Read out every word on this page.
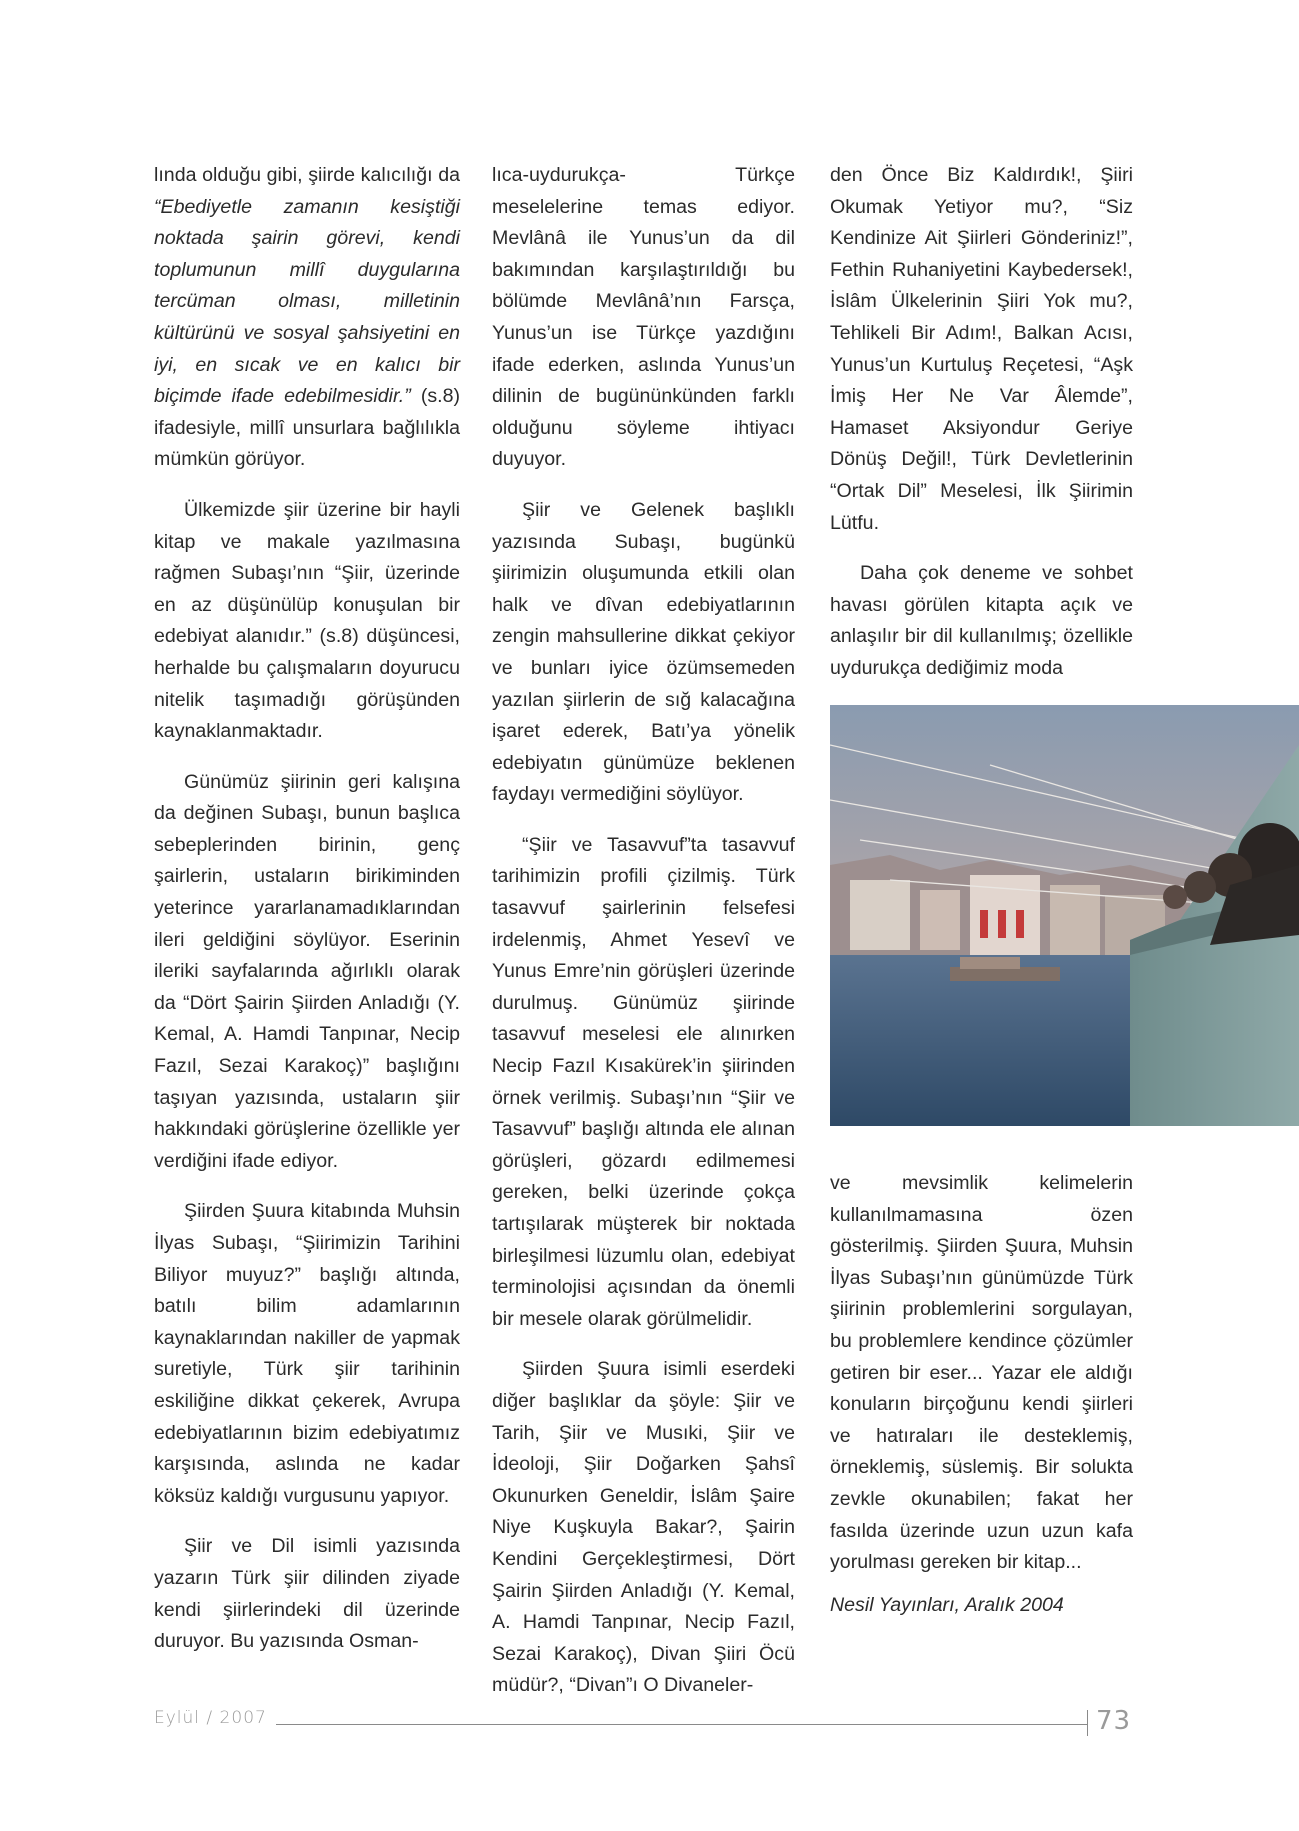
lında olduğu gibi, şiirde kalıcılığı da “Ebediyetle zamanın kesiştiği noktada şairin görevi, kendi toplumunun millî duygularına tercüman olması, milletinin kültürünü ve sosyal şahsiyetini en iyi, en sıcak ve en kalıcı bir biçimde ifade edebilmesidir.” (s.8) ifadesiyle, millî unsurlara bağlılıkla mümkün görüyor.

Ülkemizde şiir üzerine bir hayli kitap ve makale yazılmasına rağmen Subaşı’nın “Şiir, üzerinde en az düşünülüp konuşulan bir edebiyat alanıdır.” (s.8) düşüncesi, herhalde bu çalışmaların doyurucu nitelik taşımadığı görüşünden kaynaklanmaktadır.

Günümüz şiirinin geri kalışına da değinen Subaşı, bunun başlıca sebeplerinden birinin, genç şairlerin, ustaların birikiminden yeterince yararlanamadıklarından ileri geldiğini söylüyor. Eserinin ileriki sayfalarında ağırlıklı olarak da “Dört Şairin Şiirden Anladığı (Y. Kemal, A. Hamdi Tanpınar, Necip Fazıl, Sezai Karakoç)” başlığını taşıyan yazısında, ustaların şiir hakkındaki görüşlerine özellikle yer verdiğini ifade ediyor.

Şiirden Şuura kitabında Muhsin İlyas Subaşı, “Şiirimizin Tarihini Biliyor muyuz?” başlığı altında, batılı bilim adamlarının kaynaklarından nakiller de yapmak suretiyle, Türk şiir tarihinin eskiliğine dikkat çekerek, Avrupa edebiyatlarının bizim edebiyatımız karşısında, aslında ne kadar köksüz kaldığı vurgusunu yapıyor.

Şiir ve Dil isimli yazısında yazarın Türk şiir dilinden ziyade kendi şiirlerindeki dil üzerinde duruyor. Bu yazısında Osman-

lıca-uydurukça- Türkçe meselelerine temas ediyor. Mevlânâ ile Yunus’un da dil bakımından karşılaştırıldığı bu bölümde Mevlânâ’nın Farsça, Yunus’un ise Türkçe yazdığını ifade ederken, aslında Yunus’un dilinin de bugününkünden farklı olduğunu söyleme ihtiyacı duyuyor.

Şiir ve Gelenek başlıklı yazısında Subaşı, bugünkü şiirimizin oluşumunda etkili olan halk ve dîvan edebiyatlarının zengin mahsullerine dikkat çekiyor ve bunları iyice özümsemeden yazılan şiirlerin de sığ kalacağına işaret ederek, Batı’ya yönelik edebiyatın günümüze beklenen faydayı vermediğini söylüyor.

“Şiir ve Tasavvuf”ta tasavvuf tarihimizin profili çizilmiş. Türk tasavvuf şairlerinin felsefesi irdelenmiş, Ahmet Yesevî ve Yunus Emre’nin görüşleri üzerinde durulmuş. Günümüz şiirinde tasavvuf meselesi ele alınırken Necip Fazıl Kısakürek’in şiirinden örnek verilmiş. Subaşı’nın “Şiir ve Tasavvuf” başlığı altında ele alınan görüşleri, gözardı edilmemesi gereken, belki üzerinde çokça tartışılarak müşterek bir noktada birleşilmesi lüzumlu olan, edebiyat terminolojisi açısından da önemli bir mesele olarak görülmelidir.

Şiirden Şuura isimli eserdeki diğer başlıklar da şöyle: Şiir ve Tarih, Şiir ve Musıki, Şiir ve İdeoloji, Şiir Doğarken Şahsî Okunurken Geneldir, İslâm Şaire Niye Kuşkuyla Bakar?, Şairin Kendini Gerçekleştirmesi, Dört Şairin Şiirden Anladığı (Y. Kemal, A. Hamdi Tanpınar, Necip Fazıl, Sezai Karakoç), Divan Şiiri Öcü müdür?, “Divan”ı O Divaneler-

den Önce Biz Kaldırdık!, Şiiri Okumak Yetiyor mu?, “Siz Kendinize Ait Şiirleri Gönderiniz!”, Fethin Ruhaniyetini Kaybedersek!, İslâm Ülkelerinin Şiiri Yok mu?, Tehlikeli Bir Adım!, Balkan Acısı, Yunus’un Kurtuluş Reçetesi, “Aşk İmiş Her Ne Var Âlemde”, Hamaset Aksiyondur Geriye Dönüş Değil!, Türk Devletlerinin “Ortak Dil” Meselesi, İlk Şiirimin Lütfu.

Daha çok deneme ve sohbet havası görülen kitapta açık ve anlaşılır bir dil kullanılmış; özellikle uydurukça dediğimiz moda

ve mevsimlik kelimelerin kullanılmamasına özen gösterilmiş. Şiirden Şuura, Muhsin İlyas Subaşı’nın günümüzde Türk şiirinin problemlerini sorgulayan, bu problemlere kendince çözümler getiren bir eser... Yazar ele aldığı konuların birçoğunu kendi şiirleri ve hatıraları ile desteklemiş, örneklemiş, süslemiş. Bir solukta zevkle okunabilen; fakat her fasılda üzerinde uzun uzun kafa yorulması gereken bir kitap...

Nesil Yayınları, Aralık 2004

Eylül / 2007	73
